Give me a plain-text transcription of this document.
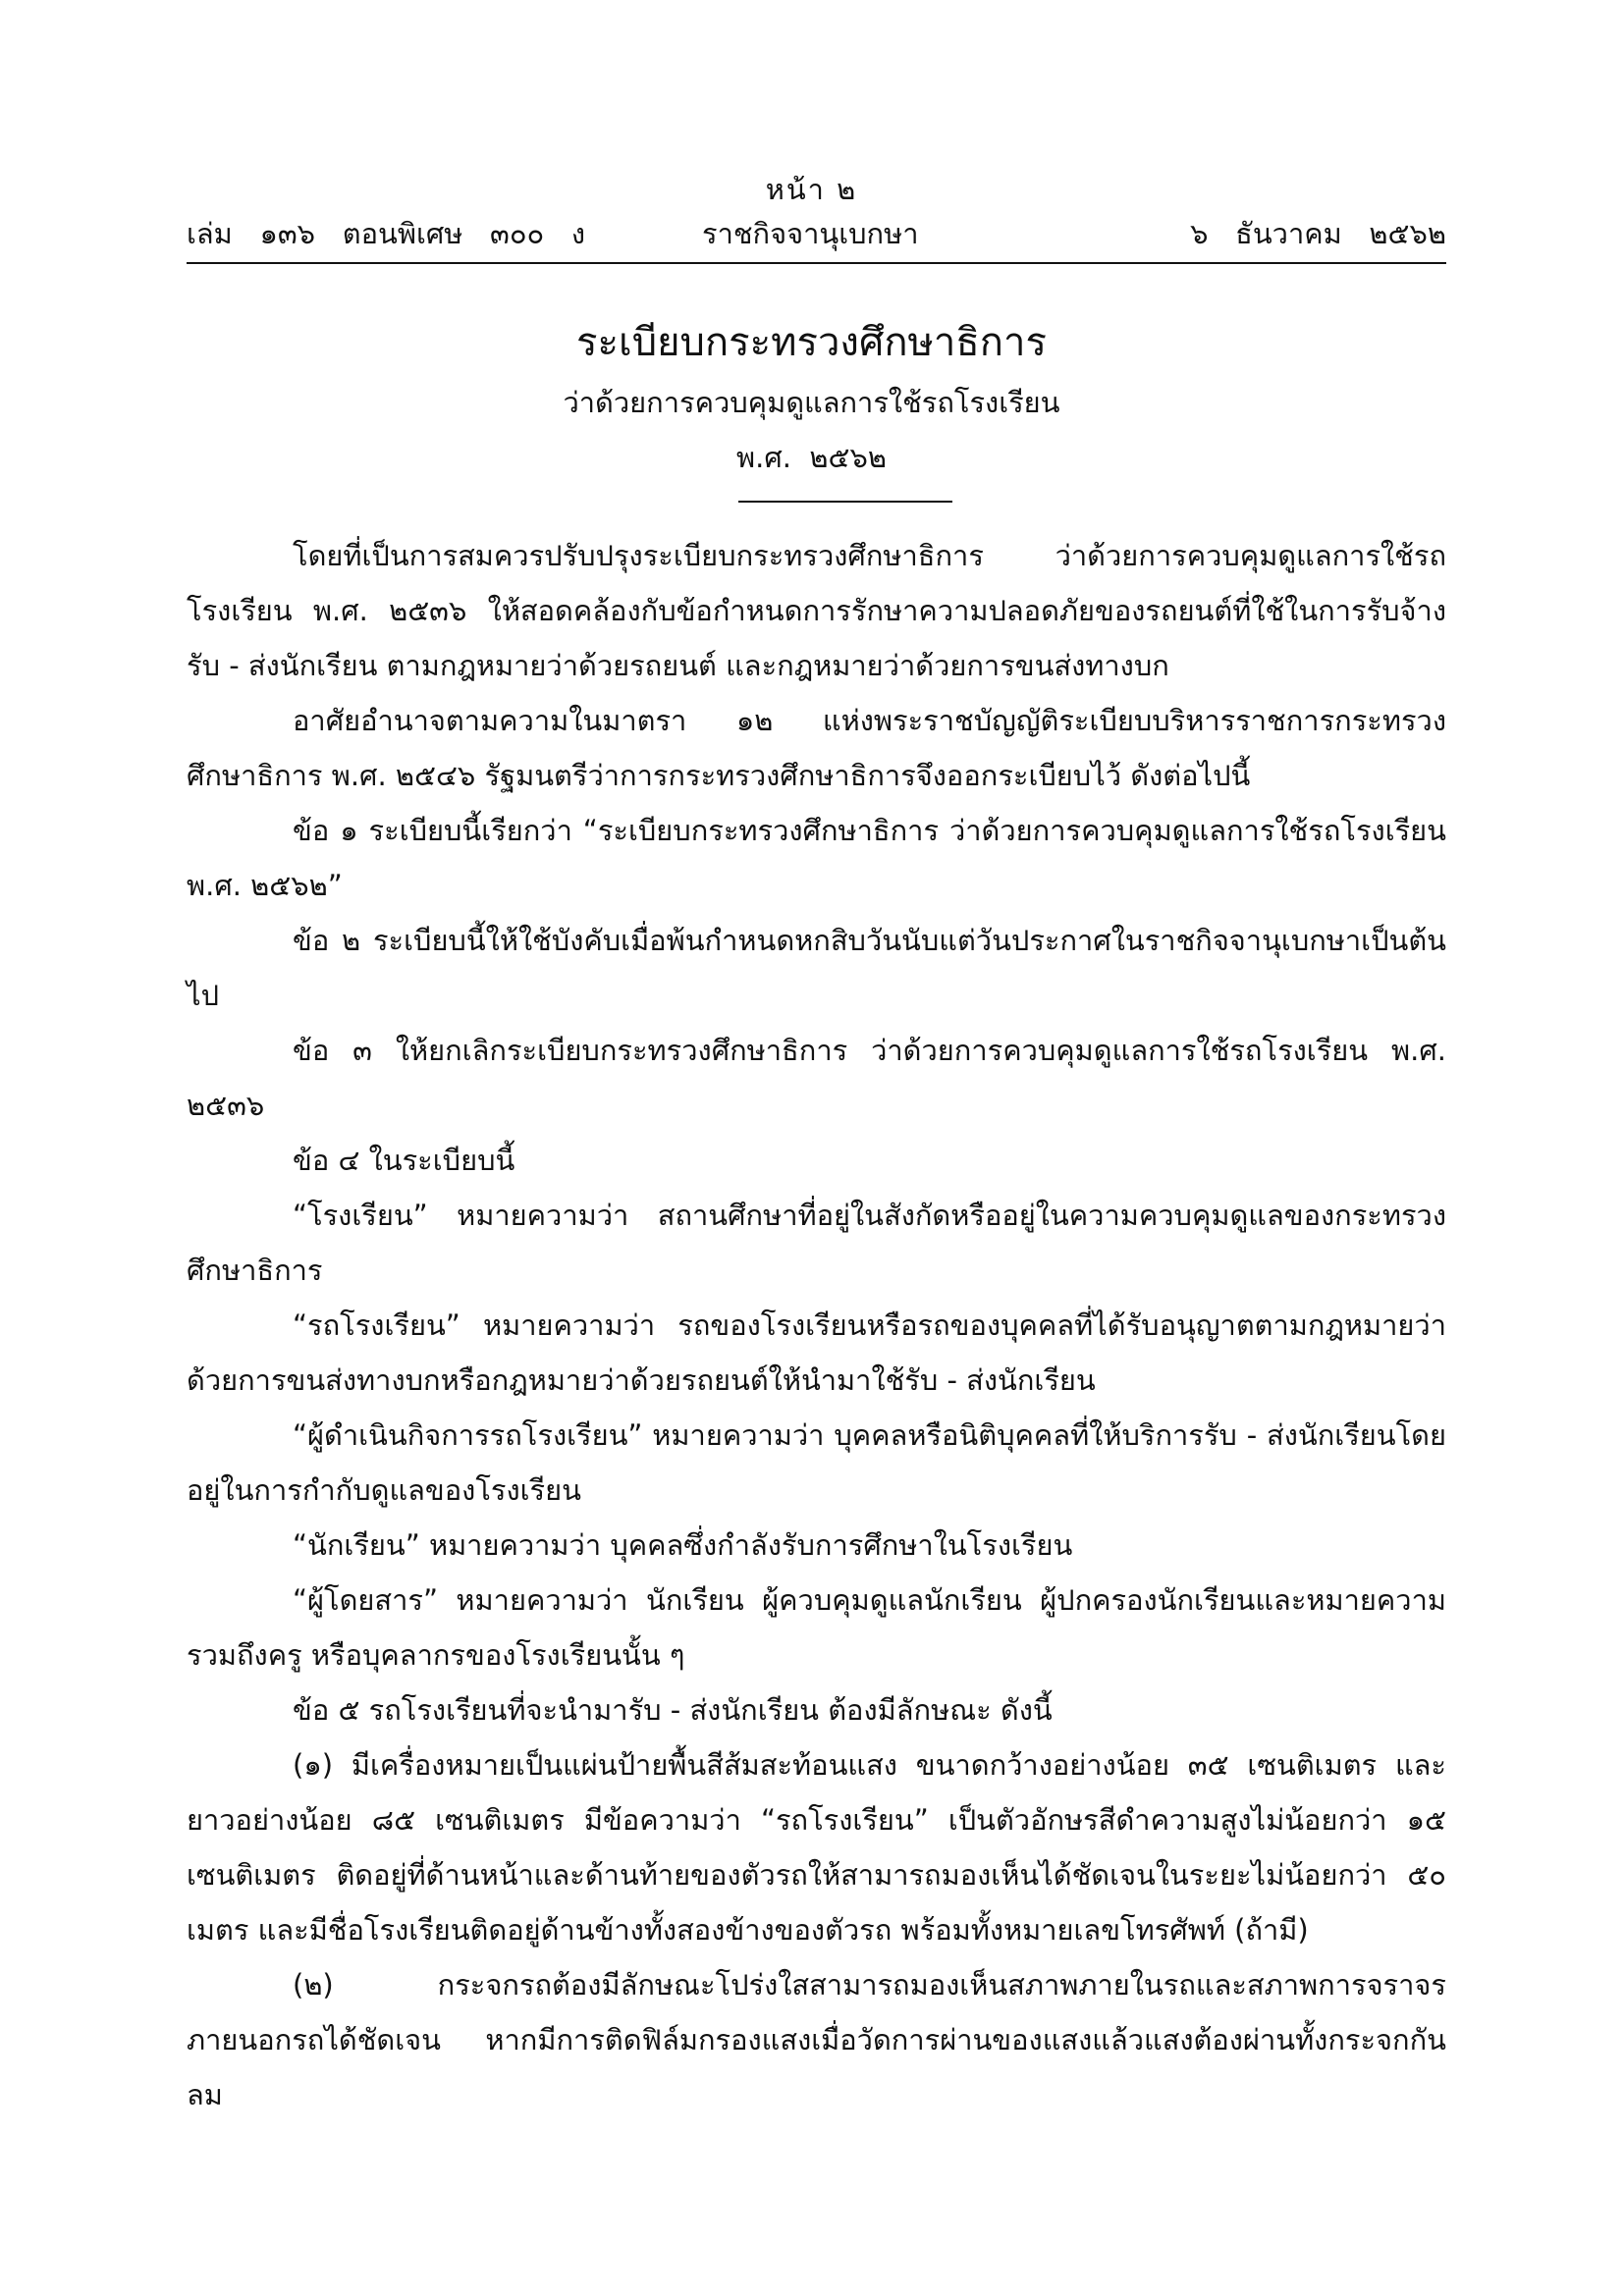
หน้า ๒
เล่ม   ๑๓๖   ตอนพิเศษ   ๓๐๐   ง	ราชกิจจานุเบกษา	๖   ธันวาคม   ๒๕๖๒
ระเบียบกระทรวงศึกษาธิการ
ว่าด้วยการควบคุมดูแลการใช้รถโรงเรียน
พ.ศ.  ๒๕๖๒

โดยที่เป็นการสมควรปรับปรุงระเบียบกระทรวงศึกษาธิการ ว่าด้วยการควบคุมดูแลการใช้รถโรงเรียน พ.ศ. ๒๕๓๖ ให้สอดคล้องกับข้อกำหนดการรักษาความปลอดภัยของรถยนต์ที่ใช้ในการรับจ้าง รับ - ส่งนักเรียน ตามกฎหมายว่าด้วยรถยนต์ และกฎหมายว่าด้วยการขนส่งทางบก

อาศัยอำนาจตามความในมาตรา ๑๒ แห่งพระราชบัญญัติระเบียบบริหารราชการกระทรวงศึกษาธิการ พ.ศ. ๒๕๔๖ รัฐมนตรีว่าการกระทรวงศึกษาธิการจึงออกระเบียบไว้ ดังต่อไปนี้

ข้อ ๑ ระเบียบนี้เรียกว่า “ระเบียบกระทรวงศึกษาธิการ ว่าด้วยการควบคุมดูแลการใช้รถโรงเรียน พ.ศ. ๒๕๖๒”

ข้อ ๒ ระเบียบนี้ให้ใช้บังคับเมื่อพ้นกำหนดหกสิบวันนับแต่วันประกาศในราชกิจจานุเบกษาเป็นต้นไป

ข้อ ๓ ให้ยกเลิกระเบียบกระทรวงศึกษาธิการ ว่าด้วยการควบคุมดูแลการใช้รถโรงเรียน พ.ศ. ๒๕๓๖

ข้อ ๔ ในระเบียบนี้

“โรงเรียน” หมายความว่า สถานศึกษาที่อยู่ในสังกัดหรืออยู่ในความควบคุมดูแลของกระทรวงศึกษาธิการ

“รถโรงเรียน” หมายความว่า รถของโรงเรียนหรือรถของบุคคลที่ได้รับอนุญาตตามกฎหมายว่าด้วยการขนส่งทางบกหรือกฎหมายว่าด้วยรถยนต์ให้นำมาใช้รับ - ส่งนักเรียน

“ผู้ดำเนินกิจการรถโรงเรียน” หมายความว่า บุคคลหรือนิติบุคคลที่ให้บริการรับ - ส่งนักเรียนโดยอยู่ในการกำกับดูแลของโรงเรียน

“นักเรียน” หมายความว่า บุคคลซึ่งกำลังรับการศึกษาในโรงเรียน

“ผู้โดยสาร” หมายความว่า นักเรียน ผู้ควบคุมดูแลนักเรียน ผู้ปกครองนักเรียนและหมายความรวมถึงครู หรือบุคลากรของโรงเรียนนั้น ๆ

ข้อ ๕ รถโรงเรียนที่จะนำมารับ - ส่งนักเรียน ต้องมีลักษณะ ดังนี้

(๑) มีเครื่องหมายเป็นแผ่นป้ายพื้นสีส้มสะท้อนแสง ขนาดกว้างอย่างน้อย ๓๕ เซนติเมตร และยาวอย่างน้อย ๘๕ เซนติเมตร มีข้อความว่า “รถโรงเรียน” เป็นตัวอักษรสีดำความสูงไม่น้อยกว่า ๑๕ เซนติเมตร ติดอยู่ที่ด้านหน้าและด้านท้ายของตัวรถให้สามารถมองเห็นได้ชัดเจนในระยะไม่น้อยกว่า ๕๐ เมตร และมีชื่อโรงเรียนติดอยู่ด้านข้างทั้งสองข้างของตัวรถ พร้อมทั้งหมายเลขโทรศัพท์ (ถ้ามี)

(๒) กระจกรถต้องมีลักษณะโปร่งใสสามารถมองเห็นสภาพภายในรถและสภาพการจราจรภายนอกรถได้ชัดเจน หากมีการติดฟิล์มกรองแสงเมื่อวัดการผ่านของแสงแล้วแสงต้องผ่านทั้งกระจกกันลม
